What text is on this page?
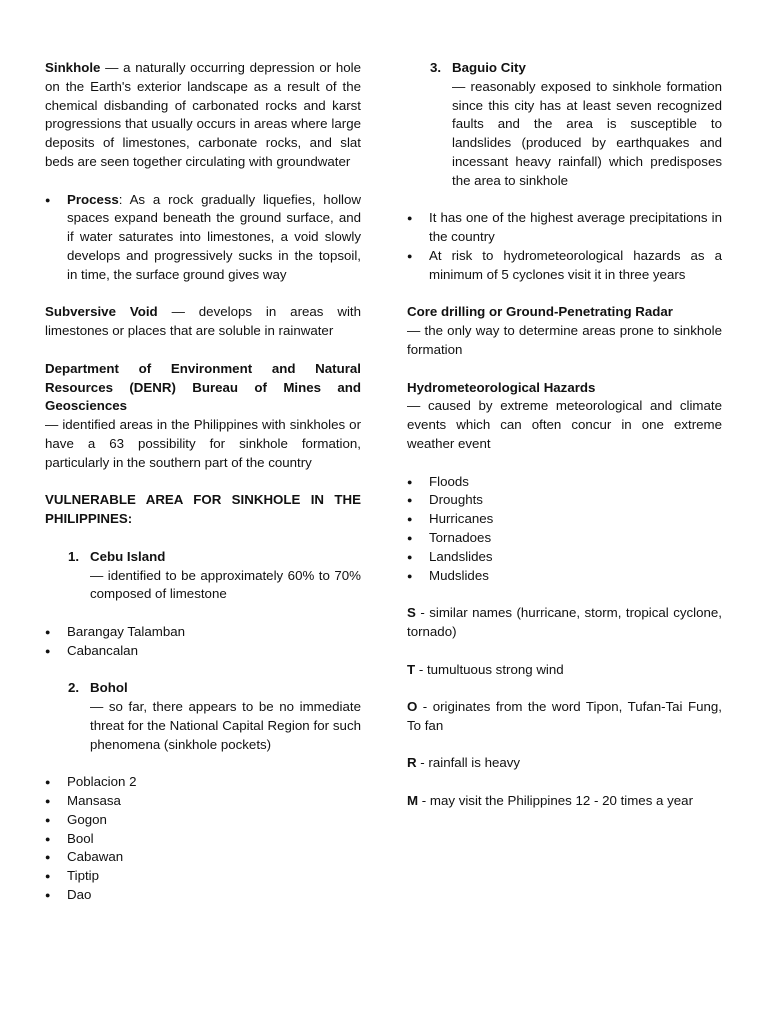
Sinkhole — a naturally occurring depression or hole on the Earth's exterior landscape as a result of the chemical disbanding of carbonated rocks and karst progressions that usually occurs in areas where large deposits of limestones, carbonate rocks, and slat beds are seen together circulating with groundwater

● Process: As a rock gradually liquefies, hollow spaces expand beneath the ground surface, and if water saturates into limestones, a void slowly develops and progressively sucks in the topsoil, in time, the surface ground gives way

Subversive Void — develops in areas with limestones or places that are soluble in rainwater

Department of Environment and Natural Resources (DENR) Bureau of Mines and Geosciences

— identified areas in the Philippines with sinkholes or have a 63 possibility for sinkhole formation, particularly in the southern part of the country

VULNERABLE AREA FOR SINKHOLE IN THE PHILIPPINES:

1. Cebu Island

— identified to be approximately 60% to 70% composed of limestone

● Barangay Talamban
● Cabancalan
2. Bohol

— so far, there appears to be no immediate threat for the National Capital Region for such phenomena (sinkhole pockets)

● Poblacion 2
● Mansasa
● Gogon
● Bool
● Cabawan
● Tiptip
● Dao
3. Baguio City

— reasonably exposed to sinkhole formation since this city has at least seven recognized faults and the area is susceptible to landslides (produced by earthquakes and incessant heavy rainfall) which predisposes the area to sinkhole

● It has one of the highest average precipitations in the country
● At risk to hydrometeorological hazards as a minimum of 5 cyclones visit it in three years

Core drilling or Ground-Penetrating Radar

— the only way to determine areas prone to sinkhole formation

Hydrometeorological Hazards

— caused by extreme meteorological and climate events which can often concur in one extreme weather event

● Floods
● Droughts
● Hurricanes
● Tornadoes
● Landslides
● Mudslides

S - similar names (hurricane, storm, tropical cyclone, tornado)

T - tumultuous strong wind

O - originates from the word Tipon, Tufan-Tai Fung, To fan

R - rainfall is heavy

M - may visit the Philippines 12 - 20 times a year
